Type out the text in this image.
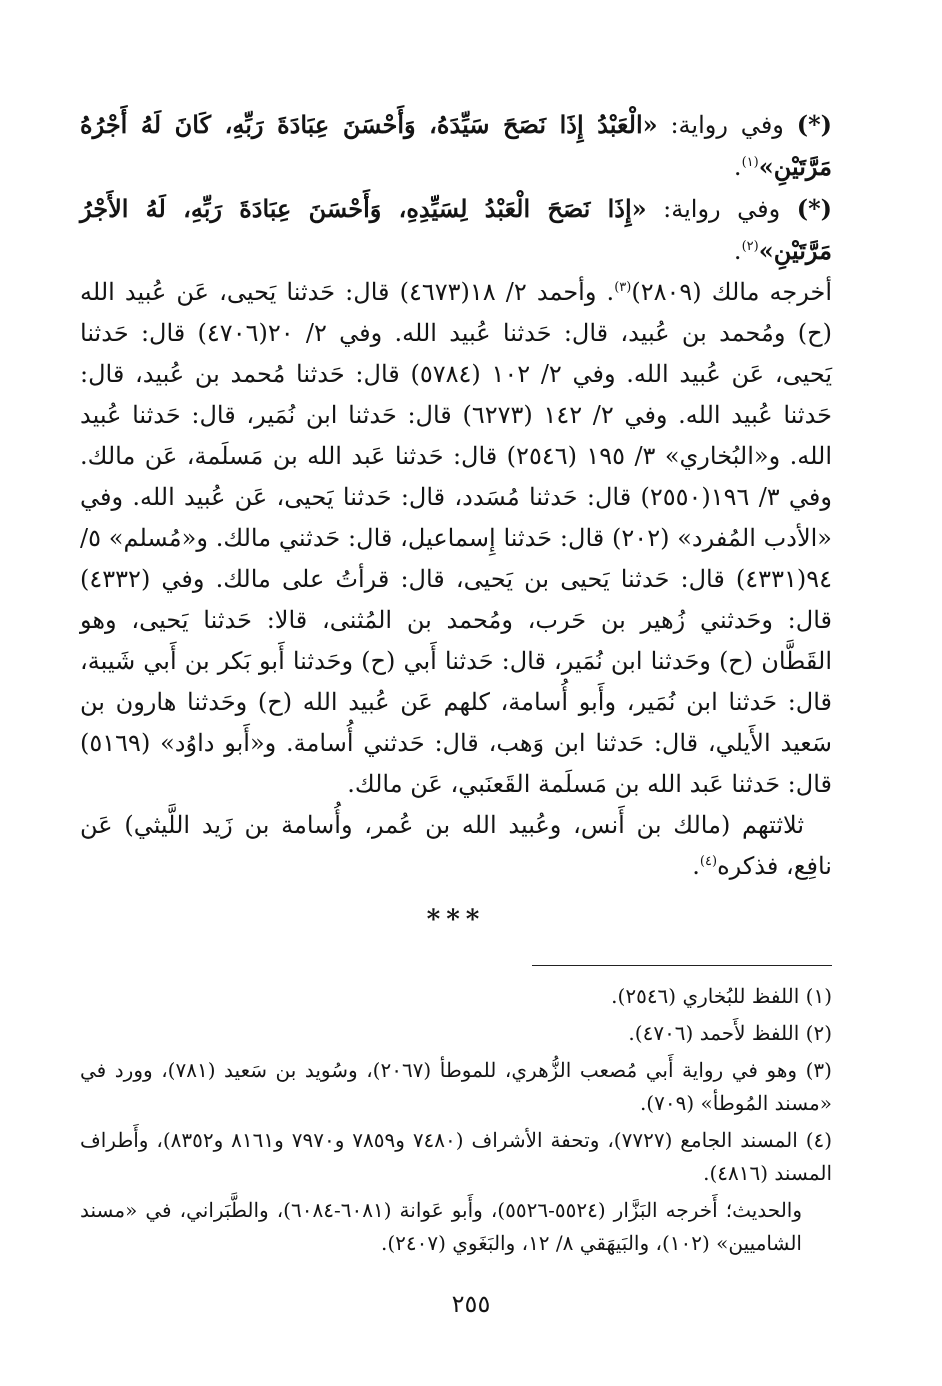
(*) وفي رواية: «الْعَبْدُ إِذَا نَصَحَ سَيِّدَهُ، وَأَحْسَنَ عِبَادَةَ رَبِّهِ، كَانَ لَهُ أَجْرُهُ مَرَّتَيْنِ»$^{(١)}$.

(*) وفي رواية: «إِذَا نَصَحَ الْعَبْدُ لِسَيِّدِهِ، وَأَحْسَنَ عِبَادَةَ رَبِّهِ، لَهُ الأَجْرُ مَرَّتَيْنِ»$^{(٢)}$.

أخرجه مالك (٢٨٠٩)$^{(٣)}$. وأحمد ٢/ ١٨(٤٦٧٣) قال: حَدثنا يَحيى، عَن عُبيد الله (ح) ومُحمد بن عُبيد، قال: حَدثنا عُبيد الله. وفي ٢/ ٢٠(٤٧٠٦) قال: حَدثنا يَحيى، عَن عُبيد الله. وفي ٢/ ١٠٢ (٥٧٨٤) قال: حَدثنا مُحمد بن عُبيد، قال: حَدثنا عُبيد الله. وفي ٢/ ١٤٢ (٦٢٧٣) قال: حَدثنا ابن نُمَير، قال: حَدثنا عُبيد الله. و«البُخاري» ٣/ ١٩٥ (٢٥٤٦) قال: حَدثنا عَبد الله بن مَسلَمة، عَن مالك. وفي ٣/ ١٩٦(٢٥٥٠) قال: حَدثنا مُسَدد، قال: حَدثنا يَحيى، عَن عُبيد الله. وفي «الأدب المُفرد» (٢٠٢) قال: حَدثنا إِسماعيل، قال: حَدثني مالك. و«مُسلم» ٥/ ٩٤(٤٣٣١) قال: حَدثنا يَحيى بن يَحيى، قال: قرأتُ على مالك. وفي (٤٣٣٢) قال: وحَدثني زُهير بن حَرب، ومُحمد بن المُثنى، قالا: حَدثنا يَحيى، وهو القَطَّان (ح) وحَدثنا ابن نُمَير، قال: حَدثنا أَبي (ح) وحَدثنا أَبو بَكر بن أَبي شَيبة، قال: حَدثنا ابن نُمَير، وأَبو أُسامة، كلهم عَن عُبيد الله (ح) وحَدثنا هارون بن سَعيد الأَيلي، قال: حَدثنا ابن وَهب، قال: حَدثني أُسامة. و«أَبو داوُد» (٥١٦٩) قال: حَدثنا عَبد الله بن مَسلَمة القَعنَبي، عَن مالك.

ثلاثتهم (مالك بن أَنس، وعُبيد الله بن عُمر، وأُسامة بن زَيد اللَّيثي) عَن نافِع، فذكره$^{(٤)}$.

***

(١) اللفظ للبُخاري (٢٥٤٦).

(٢) اللفظ لأَحمد (٤٧٠٦).

(٣) وهو في رواية أَبي مُصعب الزُّهري، للموطأ (٢٠٦٧)، وسُويد بن سَعيد (٧٨١)، وورد في «مسند المُوطأ» (٧٠٩).

(٤) المسند الجامع (٧٧٢٧)، وتحفة الأشراف (٧٤٨٠ و٧٨٥٩ و٧٩٧٠ و٨١٦١ و٨٣٥٢)، وأَطراف المسند (٤٨١٦).

والحديث؛ أَخرجه البَزَّار (٥٥٢٤-٥٥٢٦)، وأَبو عَوانة (٦٠٨١-٦٠٨٤)، والطَّبَراني، في «مسند الشاميين» (١٠٢)، والبَيهَقي ٨/ ١٢، والبَغَوي (٢٤٠٧).

٢٥٥
